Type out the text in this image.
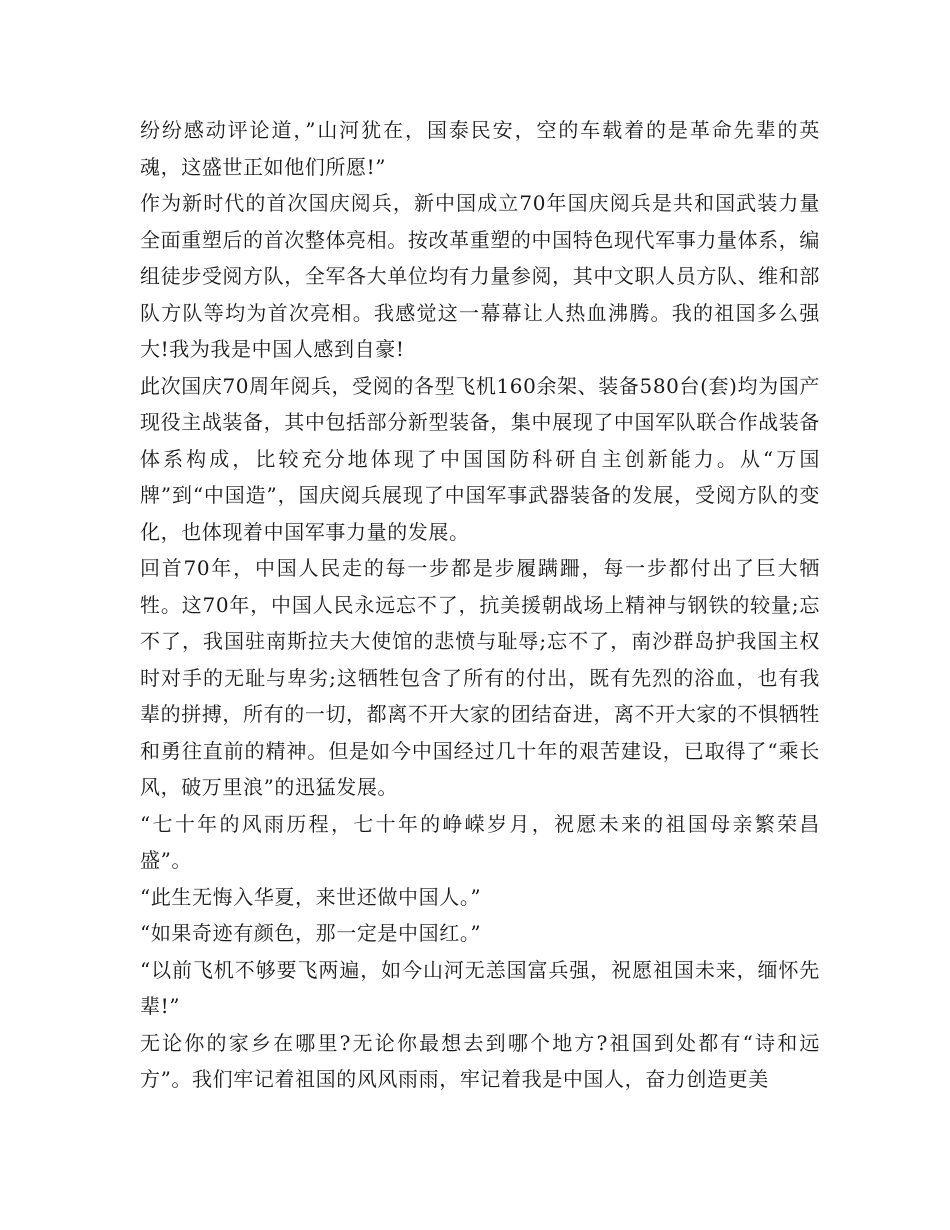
纷纷感动评论道，”山河犹在，国泰民安，空的车载着的是革命先辈的英魂，这盛世正如他们所愿!”

作为新时代的首次国庆阅兵，新中国成立70年国庆阅兵是共和国武装力量全面重塑后的首次整体亮相。按改革重塑的中国特色现代军事力量体系，编组徒步受阅方队，全军各大单位均有力量参阅，其中文职人员方队、维和部队方队等均为首次亮相。我感觉这一幕幕让人热血沸腾。我的祖国多么强大!我为我是中国人感到自豪!

此次国庆70周年阅兵，受阅的各型飞机160余架、装备580台(套)均为国产现役主战装备，其中包括部分新型装备，集中展现了中国军队联合作战装备体系构成，比较充分地体现了中国国防科研自主创新能力。从“万国牌”到“中国造”，国庆阅兵展现了中国军事武器装备的发展，受阅方队的变化，也体现着中国军事力量的发展。

回首70年，中国人民走的每一步都是步履蹒跚，每一步都付出了巨大牺牲。这70年，中国人民永远忘不了，抗美援朝战场上精神与钢铁的较量;忘不了，我国驻南斯拉夫大使馆的悲愤与耻辱;忘不了，南沙群岛护我国主权时对手的无耻与卑劣;这牺牲包含了所有的付出，既有先烈的浴血，也有我辈的拼搏，所有的一切，都离不开大家的团结奋进，离不开大家的不惧牺牲和勇往直前的精神。但是如今中国经过几十年的艰苦建设，已取得了“乘长风，破万里浪”的迅猛发展。

“七十年的风雨历程，七十年的峥嵘岁月，祝愿未来的祖国母亲繁荣昌盛”。

“此生无悔入华夏，来世还做中国人。”

“如果奇迹有颜色，那一定是中国红。”

“以前飞机不够要飞两遍，如今山河无恙国富兵强，祝愿祖国未来，缅怀先辈!”

无论你的家乡在哪里?无论你最想去到哪个地方?祖国到处都有“诗和远方”。我们牢记着祖国的风风雨雨，牢记着我是中国人，奋力创造更美
